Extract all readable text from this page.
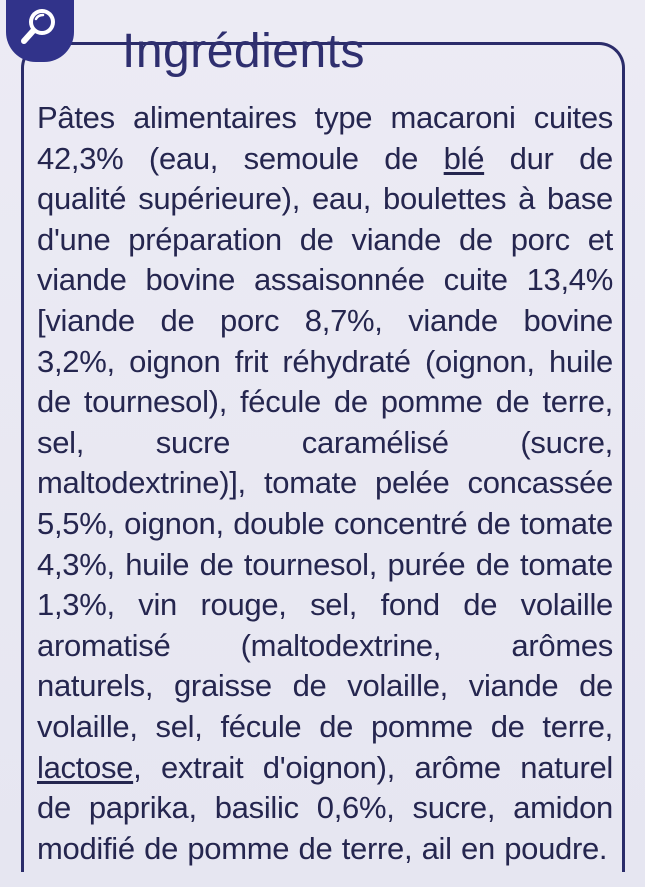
Ingrédients

Pâtes alimentaires type macaroni cuites 42,3% (eau, semoule de blé dur de qualité supérieure), eau, boulettes à base d'une préparation de viande de porc et viande bovine assaisonnée cuite 13,4% [viande de porc 8,7%, viande bovine 3,2%, oignon frit réhydraté (oignon, huile de tournesol), fécule de pomme de terre, sel, sucre caramélisé (sucre, maltodextrine)], tomate pelée concassée 5,5%, oignon, double concentré de tomate 4,3%, huile de tournesol, purée de tomate 1,3%, vin rouge, sel, fond de volaille aromatisé (maltodextrine, arômes naturels, graisse de volaille, viande de volaille, sel, fécule de pomme de terre, lactose, extrait d'oignon), arôme naturel de paprika, basilic 0,6%, sucre, amidon modifié de pomme de terre, ail en poudre.
